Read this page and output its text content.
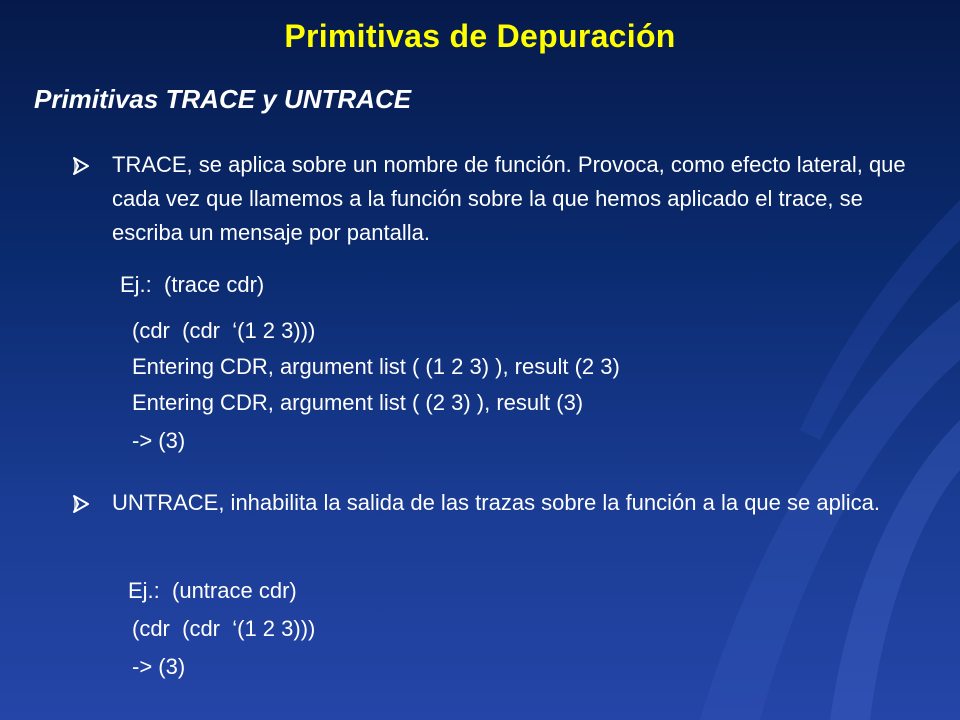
Primitivas de Depuración
Primitivas TRACE y UNTRACE
TRACE, se aplica sobre un nombre de función. Provoca, como efecto lateral, que cada vez que llamemos a la función sobre la que hemos aplicado el trace, se escriba un mensaje por pantalla.
Ej.:  (trace cdr)
(cdr  (cdr  ‘(1 2 3)))
Entering CDR, argument list ( (1 2 3) ), result (2 3)
Entering CDR, argument list ( (2 3) ), result (3)
-> (3)
UNTRACE, inhabilita la salida de las trazas sobre la función a la que se aplica.
Ej.:  (untrace cdr)
(cdr  (cdr  ‘(1 2 3)))
-> (3)
